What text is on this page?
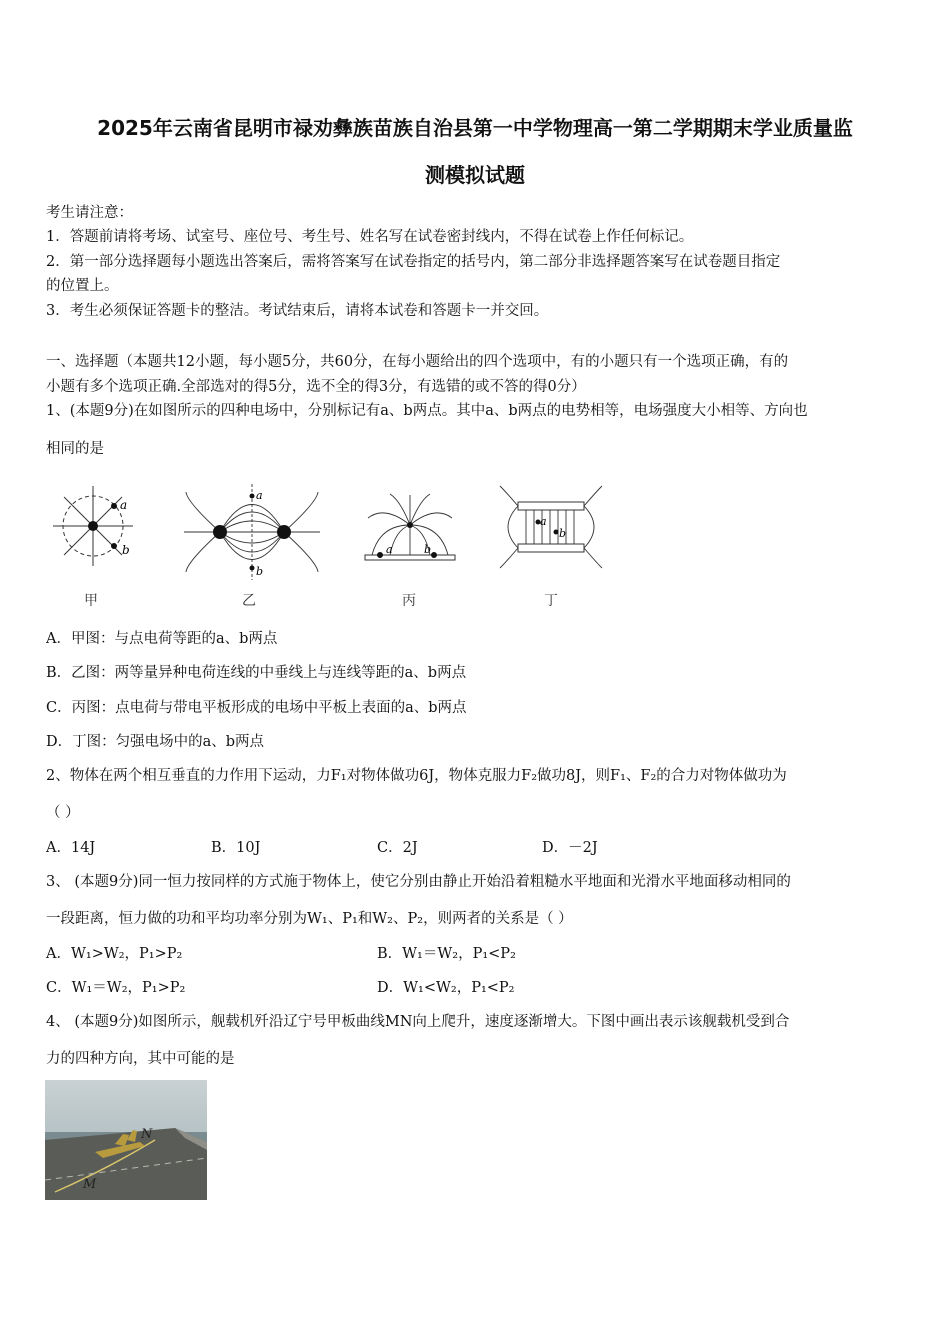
2025年云南省昆明市禄劝彝族苗族自治县第一中学物理高一第二学期期末学业质量监
测模拟试题
考生请注意：
1．答题前请将考场、试室号、座位号、考生号、姓名写在试卷密封线内，不得在试卷上作任何标记。
2．第一部分选择题每小题选出答案后，需将答案写在试卷指定的括号内，第二部分非选择题答案写在试卷题目指定
的位置上。
3．考生必须保证答题卡的整洁。考试结束后，请将本试卷和答题卡一并交回。
一、选择题（本题共12小题，每小题5分，共60分，在每小题给出的四个选项中，有的小题只有一个选项正确，有的
小题有多个选项正确.全部选对的得5分，选不全的得3分，有选错的或不答的得0分）
1、(本题9分)在如图所示的四种电场中，分别标记有a、b两点。其中a、b两点的电势相等，电场强度大小相等、方向也
相同的是
a
b
a
b
a	b
a
b
甲	乙	丙	丁
A．甲图：与点电荷等距的a、b两点
B．乙图：两等量异种电荷连线的中垂线上与连线等距的a、b两点
C．丙图：点电荷与带电平板形成的电场中平板上表面的a、b两点
D．丁图：匀强电场中的a、b两点
2、物体在两个相互垂直的力作用下运动，力F₁对物体做功6J，物体克服力F₂做功8J，则F₁、F₂的合力对物体做功为
（ ）
A．14J	B．10J	C．2J	D．－2J
3、 (本题9分)同一恒力按同样的方式施于物体上，使它分别由静止开始沿着粗糙水平地面和光滑水平地面移动相同的
一段距离，恒力做的功和平均功率分别为W₁、P₁和W₂、P₂，则两者的关系是（ ）
A．W₁>W₂，P₁>P₂	B．W₁＝W₂，P₁<P₂
C．W₁＝W₂，P₁>P₂	D．W₁<W₂，P₁<P₂
4、 (本题9分)如图所示，舰载机歼沿辽宁号甲板曲线MN向上爬升，速度逐渐增大。下图中画出表示该舰载机受到合
力的四种方向，其中可能的是
N
M
